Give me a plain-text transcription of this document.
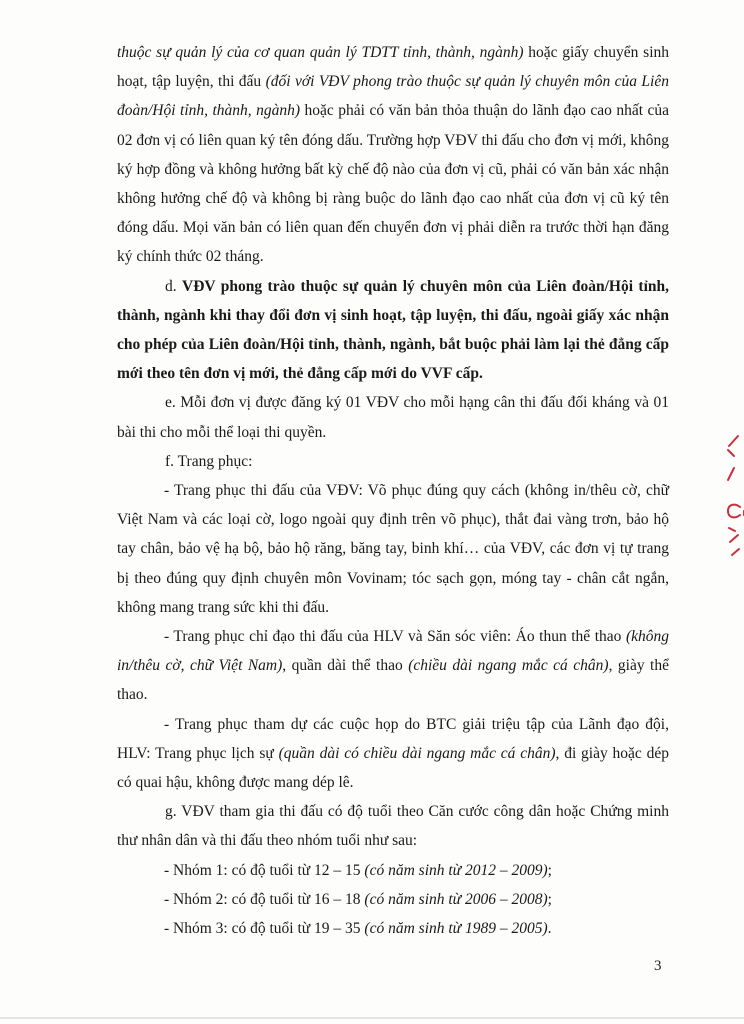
thuộc sự quản lý của cơ quan quản lý TDTT tỉnh, thành, ngành) hoặc giấy chuyển sinh hoạt, tập luyện, thi đấu (đối với VĐV phong trào thuộc sự quản lý chuyên môn của Liên đoàn/Hội tỉnh, thành, ngành) hoặc phải có văn bản thỏa thuận do lãnh đạo cao nhất của 02 đơn vị có liên quan ký tên đóng dấu. Trường hợp VĐV thi đấu cho đơn vị mới, không ký hợp đồng và không hưởng bất kỳ chế độ nào của đơn vị cũ, phải có văn bản xác nhận không hưởng chế độ và không bị ràng buộc do lãnh đạo cao nhất của đơn vị cũ ký tên đóng dấu. Mọi văn bản có liên quan đến chuyển đơn vị phải diễn ra trước thời hạn đăng ký chính thức 02 tháng.

d. VĐV phong trào thuộc sự quản lý chuyên môn của Liên đoàn/Hội tỉnh, thành, ngành khi thay đổi đơn vị sinh hoạt, tập luyện, thi đấu, ngoài giấy xác nhận cho phép của Liên đoàn/Hội tỉnh, thành, ngành, bắt buộc phải làm lại thẻ đẳng cấp mới theo tên đơn vị mới, thẻ đẳng cấp mới do VVF cấp.

e. Mỗi đơn vị được đăng ký 01 VĐV cho mỗi hạng cân thi đấu đối kháng và 01 bài thi cho mỗi thể loại thi quyền.

f. Trang phục:

- Trang phục thi đấu của VĐV: Võ phục đúng quy cách (không in/thêu cờ, chữ Việt Nam và các loại cờ, logo ngoài quy định trên võ phục), thắt đai vàng trơn, bảo hộ tay chân, bảo vệ hạ bộ, bảo hộ răng, băng tay, binh khí… của VĐV, các đơn vị tự trang bị theo đúng quy định chuyên môn Vovinam; tóc sạch gọn, móng tay - chân cắt ngắn, không mang trang sức khi thi đấu.

- Trang phục chỉ đạo thi đấu của HLV và Săn sóc viên: Áo thun thể thao (không in/thêu cờ, chữ Việt Nam), quần dài thể thao (chiều dài ngang mắc cá chân), giày thể thao.

- Trang phục tham dự các cuộc họp do BTC giải triệu tập của Lãnh đạo đội, HLV: Trang phục lịch sự (quần dài có chiều dài ngang mắc cá chân), đi giày hoặc dép có quai hậu, không được mang dép lê.

g. VĐV tham gia thi đấu có độ tuổi theo Căn cước công dân hoặc Chứng minh thư nhân dân và thi đấu theo nhóm tuổi như sau:

- Nhóm 1: có độ tuổi từ 12 – 15 (có năm sinh từ 2012 – 2009);

- Nhóm 2: có độ tuổi từ 16 – 18 (có năm sinh từ 2006 – 2008);

- Nhóm 3: có độ tuổi từ 19 – 35 (có năm sinh từ 1989 – 2005).

3
